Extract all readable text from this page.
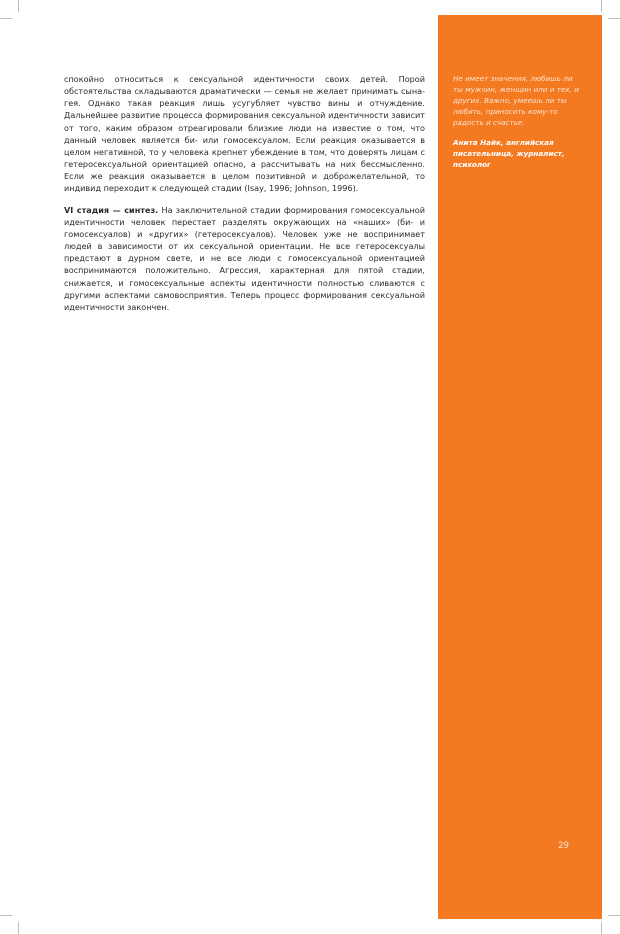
спокойно относиться к сексуальной идентичности своих детей. Порой обстоятельства складываются драматически — семья не желает принимать сына-гея. Однако такая реакция лишь усугубляет чувство вины и отчуждение. Дальнейшее развитие процесса формирования сексуальной идентичности зависит от того, каким образом отреагировали близкие люди на известие о том, что данный человек является би- или гомосексуалом. Если реакция оказывается в целом негативной, то у человека крепнет убеждение в том, что доверять лицам с гетеросексуальной ориентацией опасно, а рассчитывать на них бессмысленно. Если же реакция оказывается в целом позитивной и доброжелательной, то индивид переходит к следующей стадии (Isay, 1996; Johnson, 1996).

VI стадия — синтез. На заключительной стадии формирования гомосексуальной идентичности человек перестает разделять окружающих на «наших» (би- и гомосексуалов) и «других» (гетеросексуалов). Человек уже не воспринимает людей в зависимости от их сексуальной ориентации. Не все гетеросексуалы предстают в дурном свете, и не все люди с гомосексуальной ориентацией воспринимаются положительно. Агрессия, характерная для пятой стадии, снижается, и гомосексуальные аспекты идентичности полностью сливаются с другими аспектами самовосприятия. Теперь процесс формирования сексуальной идентичности закончен.

Не имеет значения, любишь ли ты мужчин, женщин или и тех, и других. Важно, умеешь ли ты любить, приносить кому-то радость и счастье.
Анита Найк, английская писательница, журналист, психолог
29
